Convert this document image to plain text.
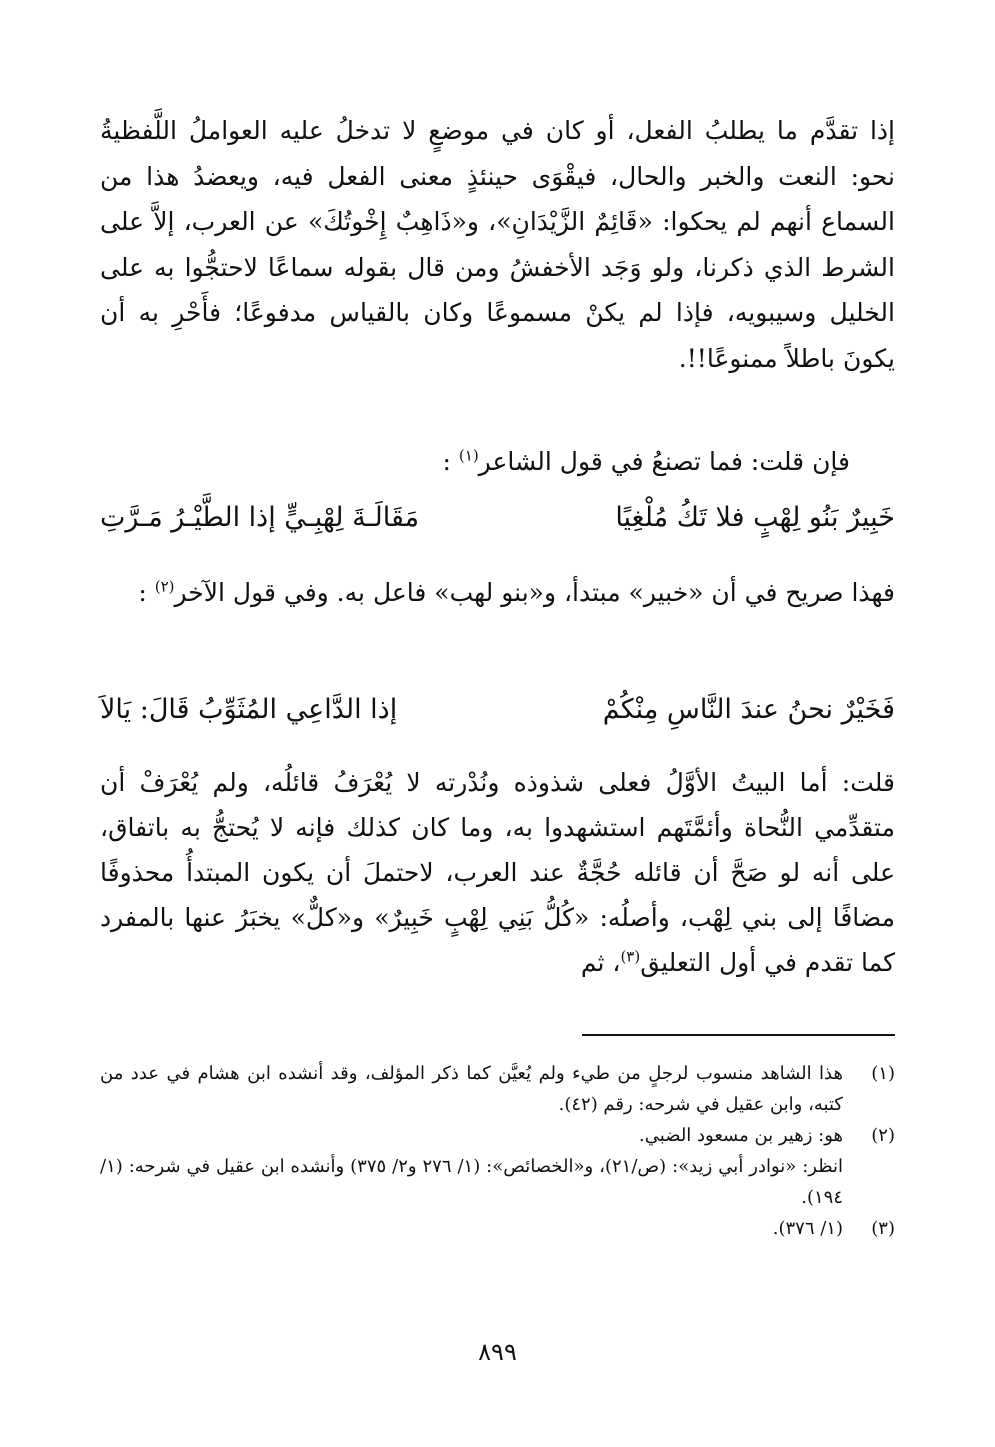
إذا تقدَّم ما يطلبُ الفعل، أو كان في موضعٍ لا تدخلُ عليه العواملُ اللَّفظيةُ نحو: النعت والخبر والحال، فيقْوَى حينئذٍ معنى الفعل فيه، ويعضدُ هذا من السماع أنهم لم يحكوا: «قَائِمٌ الزَّيْدَانِ»، و«ذَاهِبٌ إِخْوتُكَ» عن العرب، إلاَّ على الشرط الذي ذكرنا، ولو وَجَد الأخفشُ ومن قال بقوله سماعًا لاحتجُّوا به على الخليل وسيبويه، فإذا لم يكنْ مسموعًا وكان بالقياس مدفوعًا؛ فأَحْرِ به أن يكونَ باطلاً ممنوعًا!!.
فإن قلت: فما تصنعُ في قول الشاعر$^{(١)}$ :
خَبِيرٌ بَنُو لِهْبٍ فلا تَكُ مُلْغِيًا
مَقَالَـةَ لِهْبِـيٍّ إذا الطَّيْـرُ مَـرَّتِ
فهذا صريح في أن «خبير» مبتدأ، و«بنو لهب» فاعل به. وفي قول الآخر$^{(٢)}$ :
فَخَيْرٌ نحنُ عندَ النَّاسِ مِنْكُمْ
إذا الدَّاعِي المُثَوِّبُ قَالَ: يَالاَ
قلت: أما البيتُ الأوَّلُ فعلى شذوذه ونُدْرته لا يُعْرَفُ قائلُه، ولم يُعْرَفْ أن متقدِّمي النُّحاة وأئمَّتَهم استشهدوا به، وما كان كذلك فإنه لا يُحتجُّ به باتفاق، على أنه لو صَحَّ أن قائله حُجَّةٌ عند العرب، لاحتملَ أن يكون المبتدأُ محذوفًا مضافًا إلى بني لِهْب، وأصلُه: «كُلُّ بَنِي لِهْبٍ خَبِيرٌ» و«كلٌّ» يخبَرُ عنها بالمفرد كما تقدم في أول التعليق$^{(٣)}$، ثم
(١)

هذا الشاهد منسوب لرجلٍ من طيء ولم يُعيَّن كما ذكر المؤلف، وقد أنشده ابن هشام في عدد من كتبه، وابن عقيل في شرحه: رقم (٤٢).

(٢)

هو: زهير بن مسعود الضبي.

انظر: «نوادر أبي زيد»: (ص/٢١)، و«الخصائص»: (١/ ٢٧٦ و٢/ ٣٧٥) وأنشده ابن عقيل في شرحه: (١/ ١٩٤).

(٣)

(١/ ٣٧٦).

٨٩٩
